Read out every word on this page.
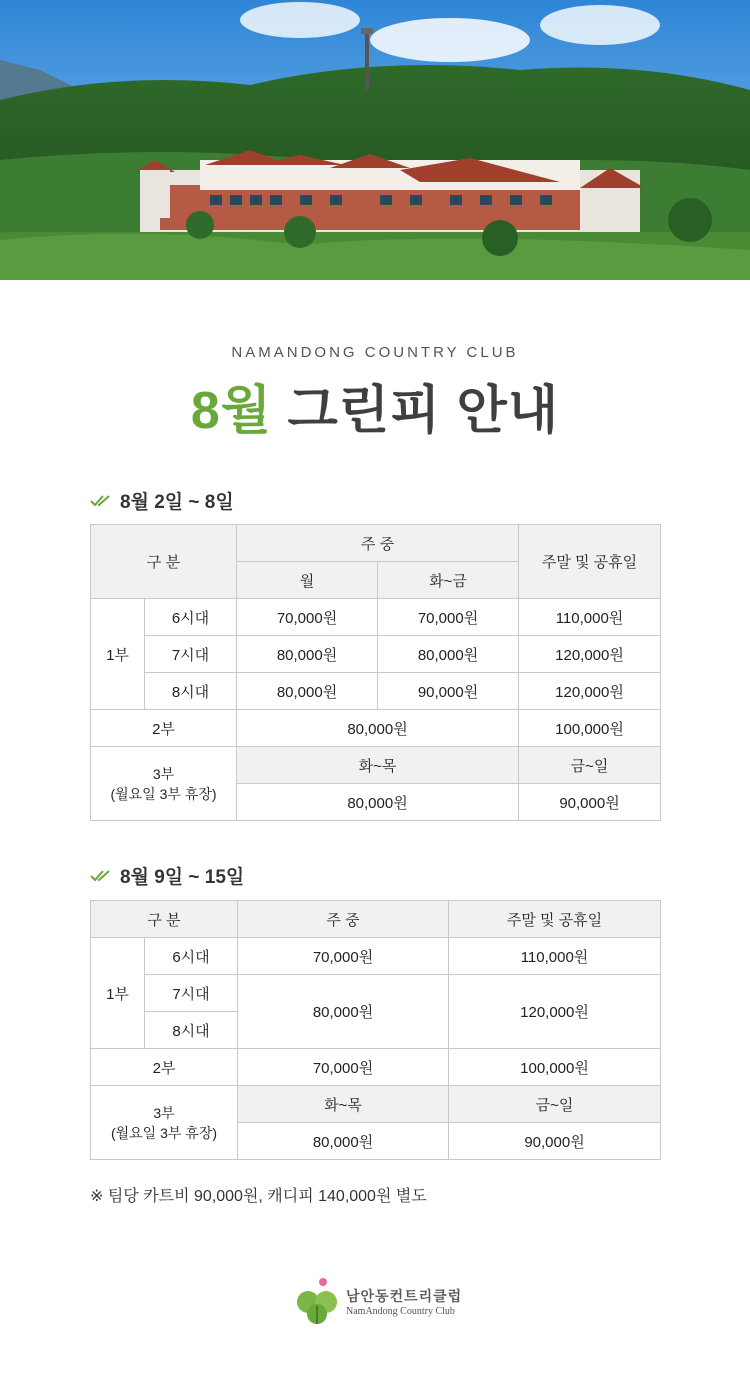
NAMANDONG COUNTRY CLUB
8월 그린피 안내
8월 2일 ~ 8일
구 분		주 중		주말 및 공휴일
		월	화~금	
1부	6시대	70,000원	70,000원	110,000원
	7시대	80,000원	80,000원	120,000원
	8시대	80,000원	90,000원	120,000원
2부		80,000원		100,000원

3부
(월요일 3부 휴장)		화~목		금~일
		80,000원		90,000원
8월 9일 ~ 15일
구 분		주 중	주말 및 공휴일
1부	6시대	70,000원	110,000원
	7시대	80,000원	120,000원
	8시대		
2부		70,000원	100,000원

3부
(월요일 3부 휴장)		화~목	금~일
		80,000원	90,000원
※ 팀당 카트비 90,000원, 캐디피 140,000원 별도
남안동컨트리클럽
NamAndong Country Club
